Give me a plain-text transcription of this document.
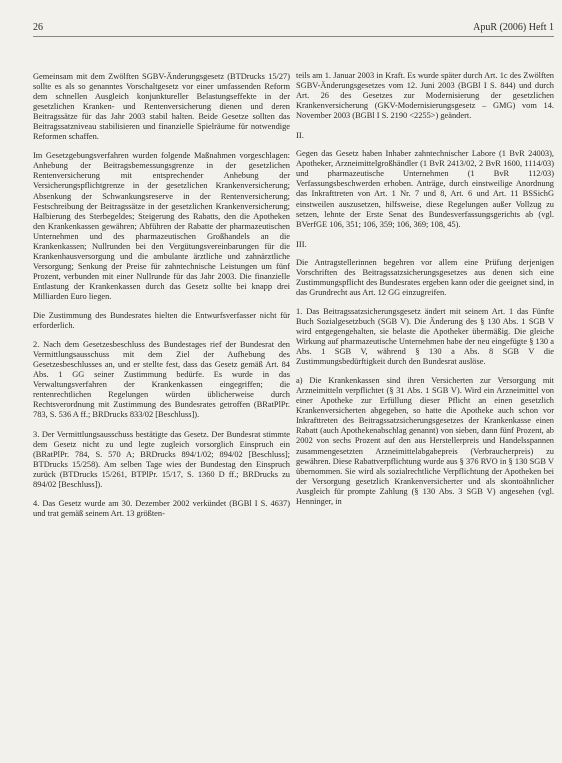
26	ApuR (2006) Heft 1

Gemeinsam mit dem Zwölften SGBV-Änderungsgesetz (BTDrucks 15/27) sollte es als so genanntes Vorschaltgesetz vor einer umfassenden Reform dem schnellen Ausgleich konjunktureller Belastungseffekte in der gesetzlichen Kranken- und Rentenversicherung dienen und deren Beitragssätze für das Jahr 2003 stabil halten. Beide Gesetze sollten das Beitragssatzniveau stabilisieren und finanzielle Spielräume für notwendige Reformen schaffen.

Im Gesetzgebungsverfahren wurden folgende Maßnahmen vorgeschlagen: Anhebung der Beitragsbemessungsgrenze in der gesetzlichen Rentenversicherung mit entsprechender Anhebung der Versicherungspflichtgrenze in der gesetzlichen Krankenversicherung; Absenkung der Schwankungsreserve in der Rentenversicherung; Festschreibung der Beitragssätze in der gesetzlichen Krankenversicherung; Halbierung des Sterbegeldes; Steigerung des Rabatts, den die Apotheken den Krankenkassen gewähren; Abführen der Rabatte der pharmazeutischen Unternehmen und des pharmazeutischen Großhandels an die Krankenkassen; Nullrunden bei den Vergütungsvereinbarungen für die Krankenhausversorgung und die ambulante ärztliche und zahnärztliche Versorgung; Senkung der Preise für zahntechnische Leistungen um fünf Prozent, verbunden mit einer Nullrunde für das Jahr 2003. Die finanzielle Entlastung der Krankenkassen durch das Gesetz sollte bei knapp drei Milliarden Euro liegen.

Die Zustimmung des Bundesrates hielten die Entwurfsverfasser nicht für erforderlich.

2. Nach dem Gesetzesbeschluss des Bundestages rief der Bundesrat den Vermittlungsausschuss mit dem Ziel der Aufhebung des Gesetzesbeschlusses an, und er stellte fest, dass das Gesetz gemäß Art. 84 Abs. 1 GG seiner Zustimmung bedürfe. Es wurde in das Verwaltungsverfahren der Krankenkassen eingegriffen; die rentenrechtlichen Regelungen würden üblicherweise durch Rechtsverordnung mit Zustimmung des Bundesrates getroffen (BRatPlPr. 783, S. 536 A ff.; BRDrucks 833/02 [Beschluss]).

3. Der Vermittlungsausschuss bestätigte das Gesetz. Der Bundesrat stimmte dem Gesetz nicht zu und legte zugleich vorsorglich Einspruch ein (BRatPlPr. 784, S. 570 A; BRDrucks 894/1/02; 894/02 [Beschluss]; BTDrucks 15/258). Am selben Tage wies der Bundestag den Einspruch zurück (BTDrucks 15/261, BTPlPr. 15/17, S. 1360 D ff.; BRDrucks zu 894/02 [Beschluss]).

4. Das Gesetz wurde am 30. Dezember 2002 verkündet (BGBl I S. 4637) und trat gemäß seinem Art. 13 größten-

teils am 1. Januar 2003 in Kraft. Es wurde später durch Art. 1c des Zwölften SGBV-Änderungsgesetzes vom 12. Juni 2003 (BGBl I S. 844) und durch Art. 26 des Gesetzes zur Modernisierung der gesetzlichen Krankenversicherung (GKV-Modernisierungsgesetz – GMG) vom 14. November 2003 (BGBl I S. 2190 <2255>) geändert.

II.

Gegen das Gesetz haben Inhaber zahntechnischer Labore (1 BvR 24003), Apotheker, Arzneimittelgroßhändler (1 BvR 2413/02, 2 BvR 1600, 1114/03) und pharmazeutische Unternehmen (1 BvR 112/03) Verfassungsbeschwerden erhoben. Anträge, durch einstweilige Anordnung das Inkrafttreten von Art. 1 Nr. 7 und 8, Art. 6 und Art. 11 BSSichG einstweilen auszusetzen, hilfsweise, diese Regelungen außer Vollzug zu setzen, lehnte der Erste Senat des Bundesverfassungsgerichts ab (vgl. BVerfGE 106, 351; 106, 359; 106, 369; 108, 45).

III.

Die Antragstellerinnen begehren vor allem eine Prüfung derjenigen Vorschriften des Beitragssatzsicherungsgesetzes aus denen sich eine Zustimmungspflicht des Bundesrates ergeben kann oder die geeignet sind, in das Grundrecht aus Art. 12 GG einzugreifen.

1. Das Beitragssatzsicherungsgesetz ändert mit seinem Art. 1 das Fünfte Buch Sozialgesetzbuch (SGB V). Die Änderung des § 130 Abs. 1 SGB V wird entgegengehalten, sie belaste die Apotheker übermäßig. Die gleiche Wirkung auf pharmazeutische Unternehmen habe der neu eingefügte § 130 a Abs. 1 SGB V, während § 130 a Abs. 8 SGB V die Zustimmungsbedürftigkeit durch den Bundesrat auslöse.

a) Die Krankenkassen sind ihren Versicherten zur Versorgung mit Arzneimitteln verpflichtet (§ 31 Abs. 1 SGB V). Wird ein Arzneimittel von einer Apotheke zur Erfüllung dieser Pflicht an einen gesetzlich Krankenversicherten abgegeben, so hatte die Apotheke auch schon vor Inkrafttreten des Beitragssatzsicherungsgesetzes der Krankenkasse einen Rabatt (auch Apothekenabschlag genannt) von sieben, dann fünf Prozent, ab 2002 von sechs Prozent auf den aus Herstellerpreis und Handelsspannen zusammengesetzten Arzneimittelabgabepreis (Verbraucherpreis) zu gewähren. Diese Rabattverpflichtung wurde aus § 376 RVO in § 130 SGB V übernommen. Sie wird als sozialrechtliche Verpflichtung der Apotheken bei der Versorgung gesetzlich Krankenversicherter und als skontoähnlicher Ausgleich für prompte Zahlung (§ 130 Abs. 3 SGB V) angesehen (vgl. Henninger, in
